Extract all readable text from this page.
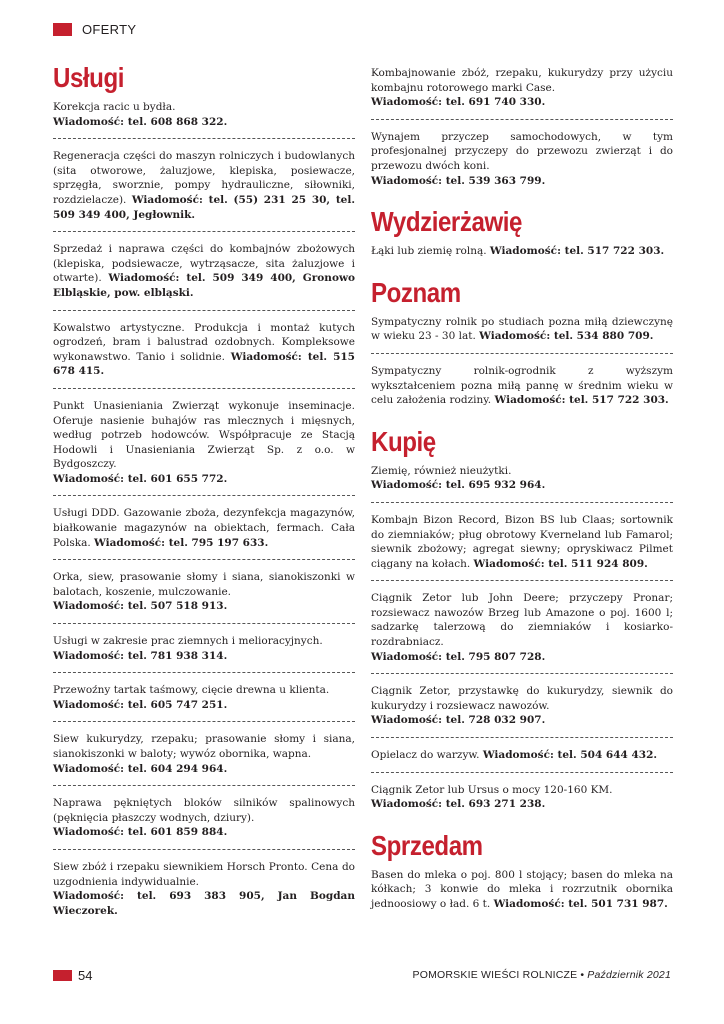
OFERTY
Usługi

Korekcja racic u bydła.
Wiadomość: tel. 608 868 322.

Regeneracja części do maszyn rolniczych i budowlanych (sita otworowe, żaluzjowe, klepiska, posiewacze, sprzęgła, sworznie, pompy hydrauliczne, siłowniki, rozdzielacze). Wiadomość: tel. (55) 231 25 30, tel. 509 349 400, Jegłownik.

Sprzedaż i naprawa części do kombajnów zbożowych (klepiska, podsiewacze, wytrząsacze, sita żaluzjowe i otwarte). Wiadomość: tel. 509 349 400, Gronowo Elbląskie, pow. elbląski.

Kowalstwo artystyczne. Produkcja i montaż kutych ogrodzeń, bram i balustrad ozdobnych. Kompleksowe wykonawstwo. Tanio i solidnie. Wiadomość: tel. 515 678 415.

Punkt Unasieniania Zwierząt wykonuje inseminacje. Oferuje nasienie buhajów ras mlecznych i mięsnych, według potrzeb hodowców. Współpracuje ze Stacją Hodowli i Unasieniania Zwierząt Sp. z o.o. w Bydgoszczy.
Wiadomość: tel. 601 655 772.

Usługi DDD. Gazowanie zboża, dezynfekcja magazynów, białkowanie magazynów na obiektach, fermach. Cała Polska. Wiadomość: tel. 795 197 633.

Orka, siew, prasowanie słomy i siana, sianokiszonki w balotach, koszenie, mulczowanie.
Wiadomość: tel. 507 518 913.

Usługi w zakresie prac ziemnych i melioracyjnych.
Wiadomość: tel. 781 938 314.

Przewoźny tartak taśmowy, cięcie drewna u klienta.
Wiadomość: tel. 605 747 251.

Siew kukurydzy, rzepaku; prasowanie słomy i siana, sianokiszonki w baloty; wywóz obornika, wapna.
Wiadomość: tel. 604 294 964.

Naprawa pękniętych bloków silników spalinowych (pęknięcia płaszczy wodnych, dziury).
Wiadomość: tel. 601 859 884.

Siew zbóż i rzepaku siewnikiem Horsch Pronto. Cena do uzgodnienia indywidualnie.
Wiadomość: tel. 693 383 905, Jan Bogdan Wieczorek.

Kombajnowanie zbóż, rzepaku, kukurydzy przy użyciu kombajnu rotorowego marki Case.
Wiadomość: tel. 691 740 330.

Wynajem przyczep samochodowych, w tym profesjonalnej przyczepy do przewozu zwierząt i do przewozu dwóch koni.
Wiadomość: tel. 539 363 799.

Wydzierżawię

Łąki lub ziemię rolną. Wiadomość: tel. 517 722 303.

Poznam

Sympatyczny rolnik po studiach pozna miłą dziewczynę w wieku 23 - 30 lat. Wiadomość: tel. 534 880 709.

Sympatyczny rolnik-ogrodnik z wyższym wykształceniem pozna miłą pannę w średnim wieku w celu założenia rodziny. Wiadomość: tel. 517 722 303.

Kupię

Ziemię, również nieużytki.
Wiadomość: tel. 695 932 964.

Kombajn Bizon Record, Bizon BS lub Claas; sortownik do ziemniaków; pług obrotowy Kverneland lub Famarol; siewnik zbożowy; agregat siewny; opryskiwacz Pilmet ciągany na kołach. Wiadomość: tel. 511 924 809.

Ciągnik Zetor lub John Deere; przyczepy Pronar; rozsiewacz nawozów Brzeg lub Amazone o poj. 1600 l; sadzarkę talerzową do ziemniaków i kosiarko-rozdrabniacz.
Wiadomość: tel. 795 807 728.

Ciągnik Zetor, przystawkę do kukurydzy, siewnik do kukurydzy i rozsiewacz nawozów.
Wiadomość: tel. 728 032 907.

Opielacz do warzyw. Wiadomość: tel. 504 644 432.

Ciągnik Zetor lub Ursus o mocy 120-160 KM.
Wiadomość: tel. 693 271 238.

Sprzedam

Basen do mleka o poj. 800 l stojący; basen do mleka na kółkach; 3 konwie do mleka i rozrzutnik obornika jednoosiowy o ład. 6 t. Wiadomość: tel. 501 731 987.

54	POMORSKIE WIEŚCI ROLNICZE • Październik 2021
